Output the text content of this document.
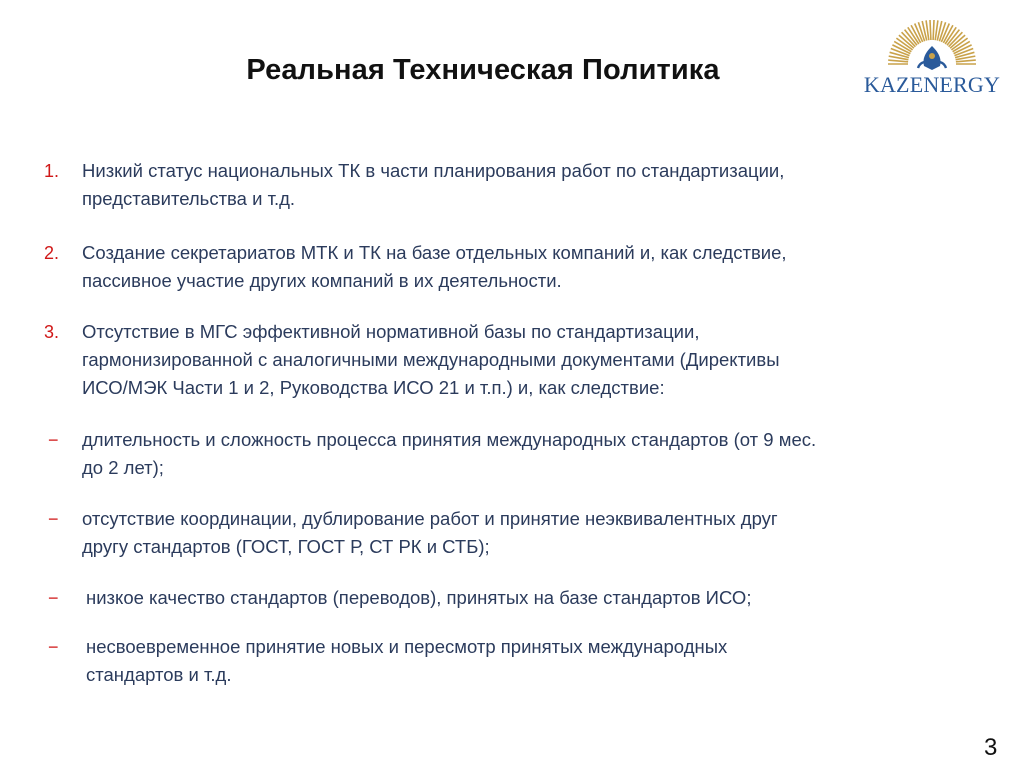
Реальная Техническая Политика	KAZENERGY
1. Низкий статус национальных ТК в части планирования работ по стандартизации,
представительства и т.д.
2. Создание секретариатов МТК и ТК на базе отдельных компаний и, как следствие,
пассивное участие других компаний в их деятельности.
3. Отсутствие в МГС эффективной нормативной базы по стандартизации,
гармонизированной с аналогичными международными документами (Директивы
ИСО/МЭК Части 1 и 2, Руководства ИСО 21 и т.п.) и, как следствие:
− длительность и сложность процесса принятия международных стандартов (от 9 мес.
до 2 лет);
− отсутствие координации, дублирование работ и принятие неэквивалентных друг
другу стандартов (ГОСТ, ГОСТ Р, СТ РК и СТБ);
− низкое качество стандартов (переводов), принятых на базе стандартов ИСО;
− несвоевременное принятие новых и пересмотр принятых международных
стандартов и т.д.
3
